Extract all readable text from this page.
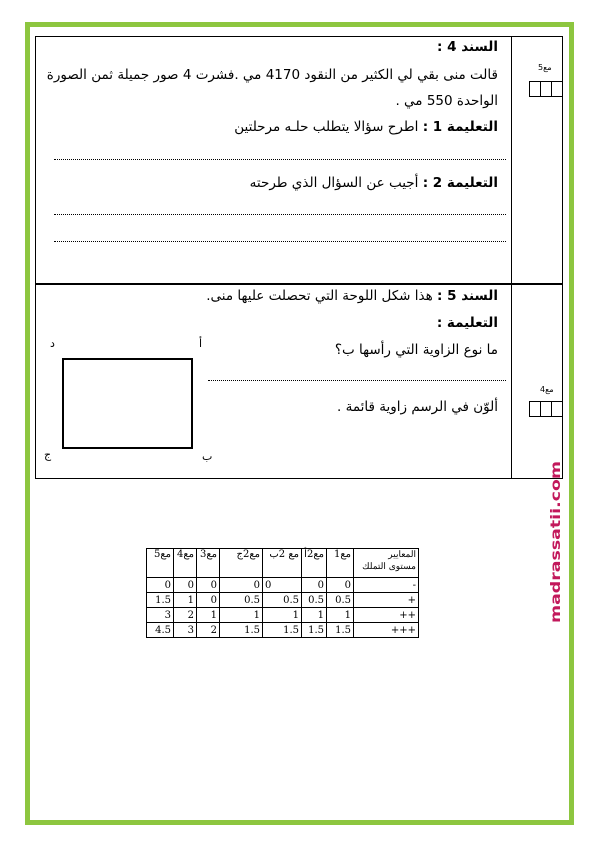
مع5
السند 4 :
قالت منى بقي لي الكثير من النقود 4170 مي .فشرت 4 صور جميلة ثمن الصورة
الواحدة 550 مي .
التعليمة 1 : اطرح سؤالا يتطلب حلـه مرحلتين
التعليمة 2 : أجيب عن السؤال الذي طرحته
مع4
السند 5 : هذا شكل اللوحة التي تحصلت عليها منى.
التعليمة :
ما نوع الزاوية التي رأسها ب؟
ألوّن في الرسم زاوية قائمة .
د	أ
ج	ب
مع5	مع4	مع3	مع2ج	مع 2ب	مع2أ	مع1	المعايير
مستوى التملك

0	0	0	0	0	0	0	-
1.5	1	0	0.5	0.5	0.5	0.5	+
3	2	1	1	1	1	1	++
4.5	3	2	1.5	1.5	1.5	1.5	+++
madrassatii.com
